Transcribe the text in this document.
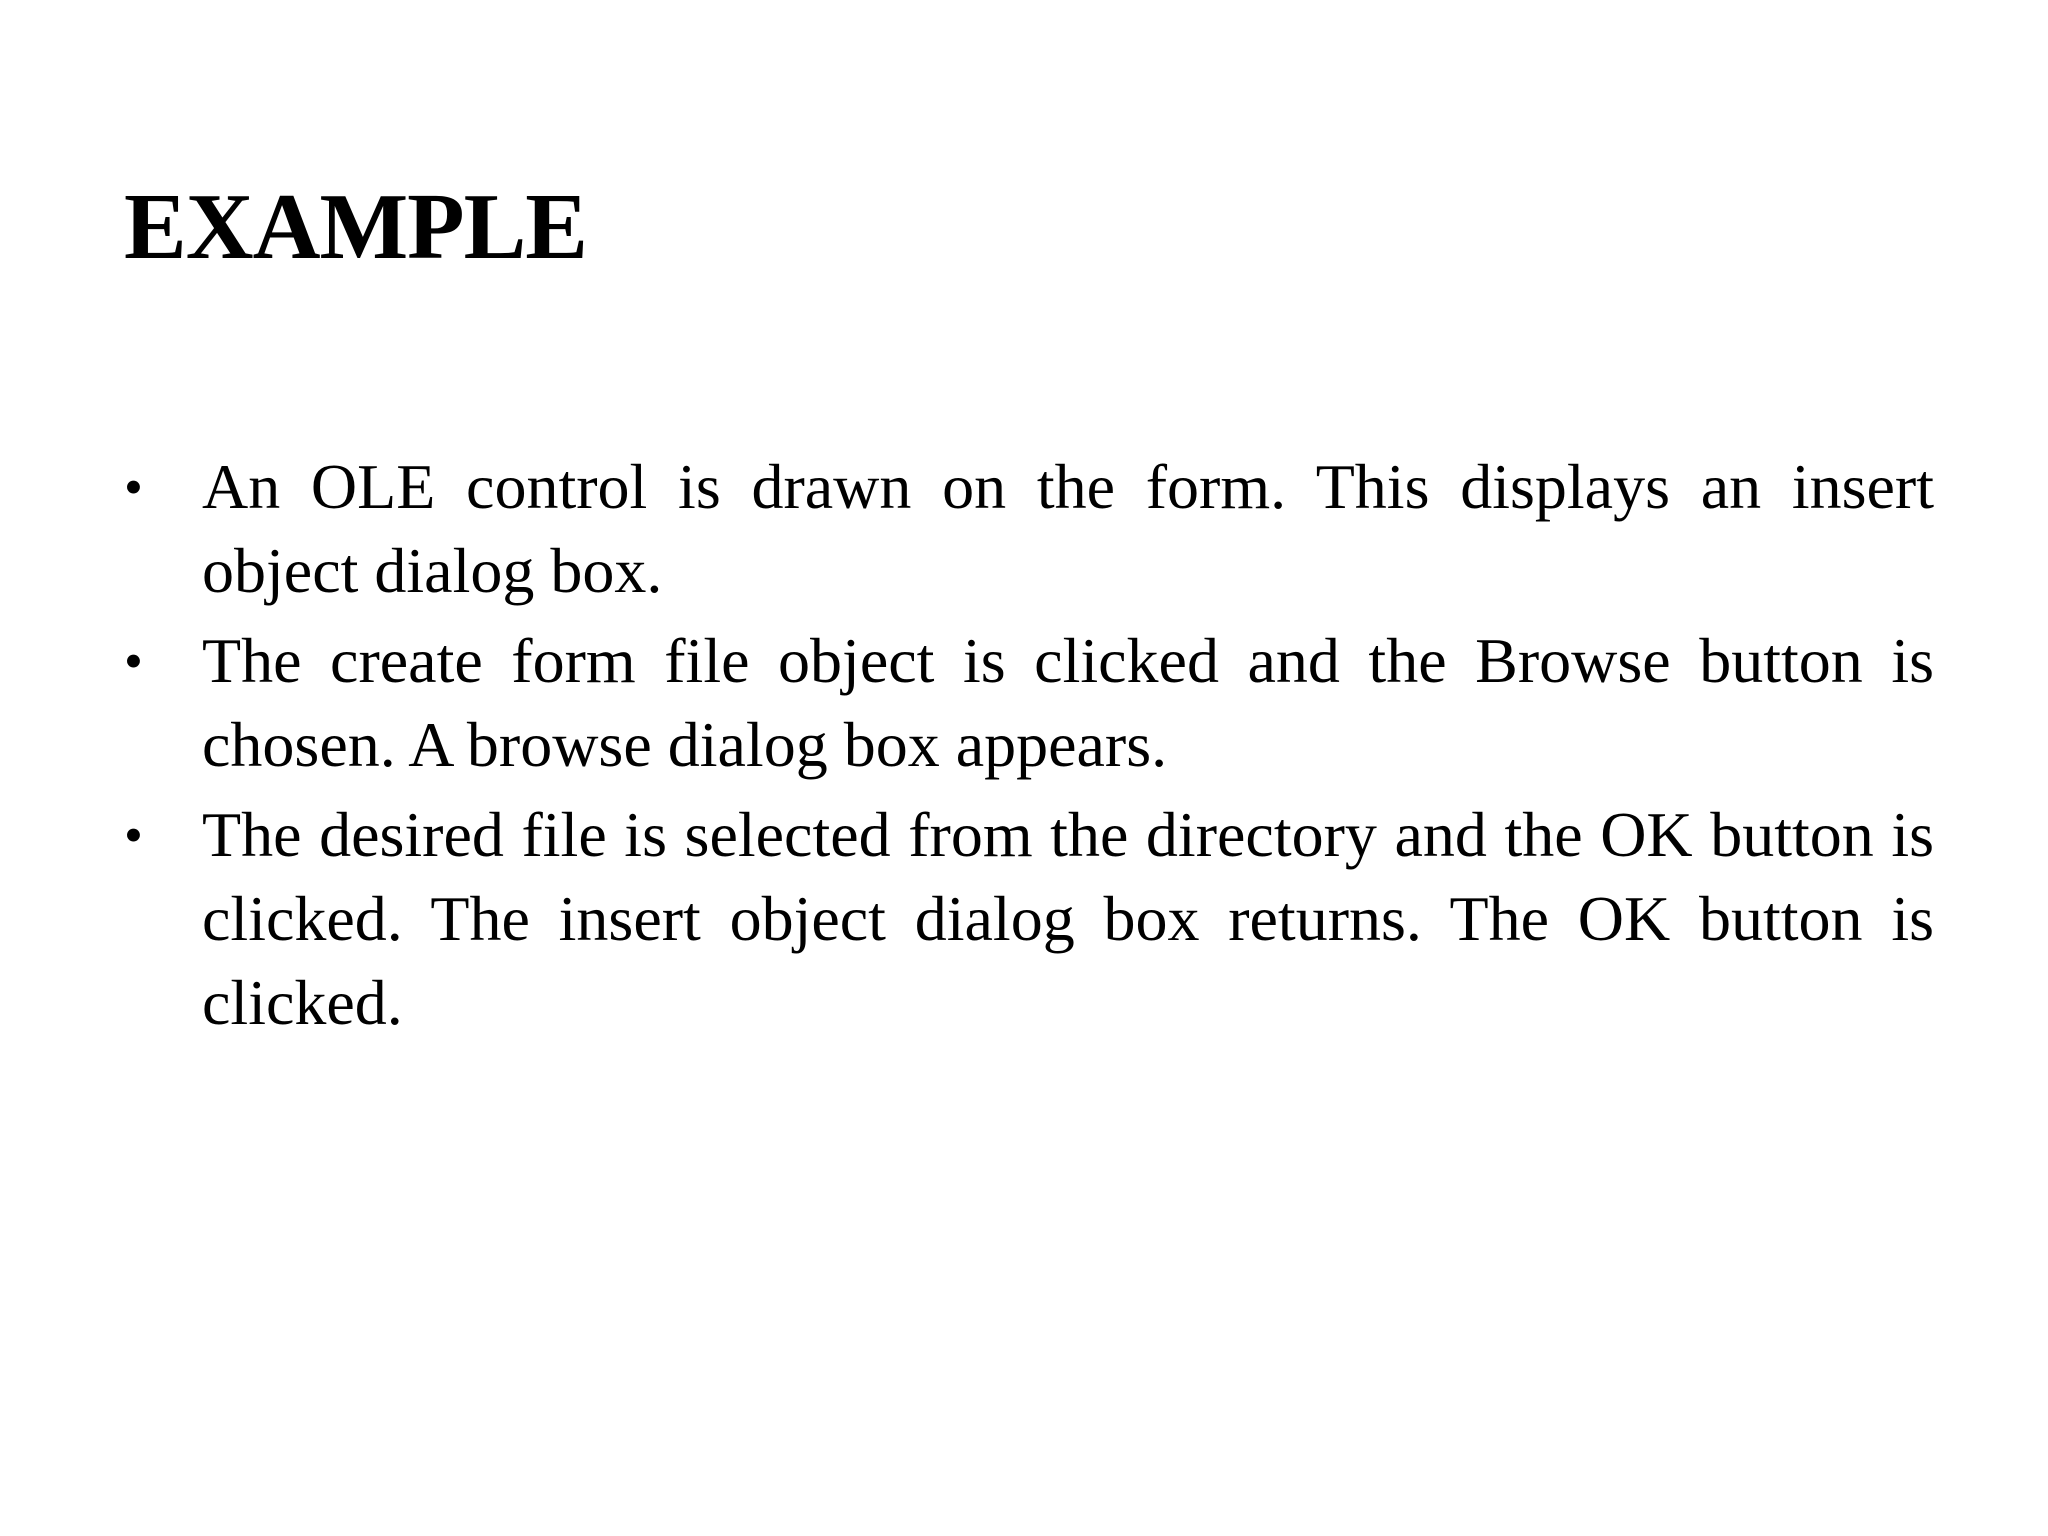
EXAMPLE
• An OLE control is drawn on the form. This displays an insert object dialog box.
• The create form file object is clicked and the Browse button is chosen. A browse dialog box appears.
• The desired file is selected from the directory and the OK button is clicked. The insert object dialog box returns. The OK button is clicked.
